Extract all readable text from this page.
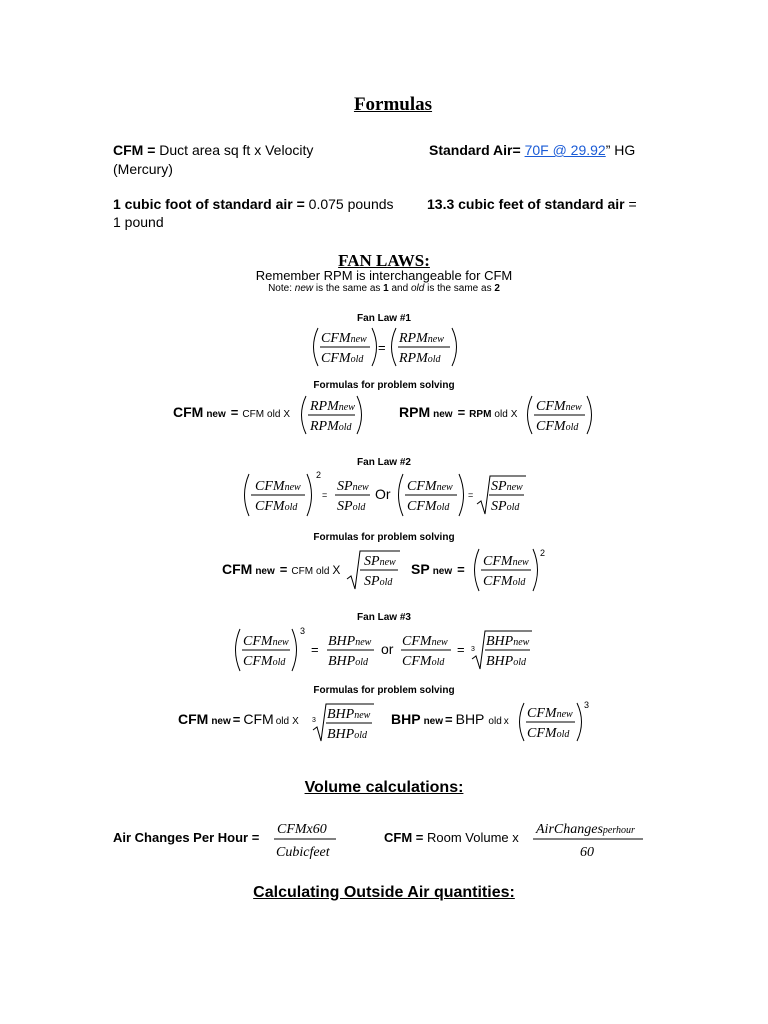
Formulas
CFM = Duct area sq ft x Velocity
(Mercury)
Standard Air= 70F @ 29.92” HG
1 cubic foot of standard air = 0.075 pounds
1 pound
13.3 cubic feet of standard air =
FAN LAWS:
Remember RPM is interchangeable for CFM
Note: new is the same as 1 and old is the same as 2
Fan Law #1
Formulas for problem solving
Fan Law #2
Formulas for problem solving
Fan Law #3
Formulas for problem solving
CFMnew
CFMold
=
RPMnew
RPMold
CFM new = CFM old X
RPMnew
RPMold
RPM new = RPM old X
CFMnew
CFMold
CFMnew
CFMold
2
=
SPnew
SPold
Or CFMnew
CFMold
=
SPnew
SPold
CFM new = CFM old X
SPnew
SPold
SP new =
CFMnew
CFMold
2
CFMnew
CFMold
3
=
BHPnew
BHPold
or CFMnew
CFMold
= 3
BHPnew
BHPold
CFM new = CFM old X 3 BHPnew
BHPold
BHP new = BHP old x
CFMnew
CFMold
3
Air Changes Per Hour =
CFMx60
Cubicfeet
CFM = Room Volume x
AirChangesperhour
60
Volume calculations:
Calculating Outside Air quantities:
